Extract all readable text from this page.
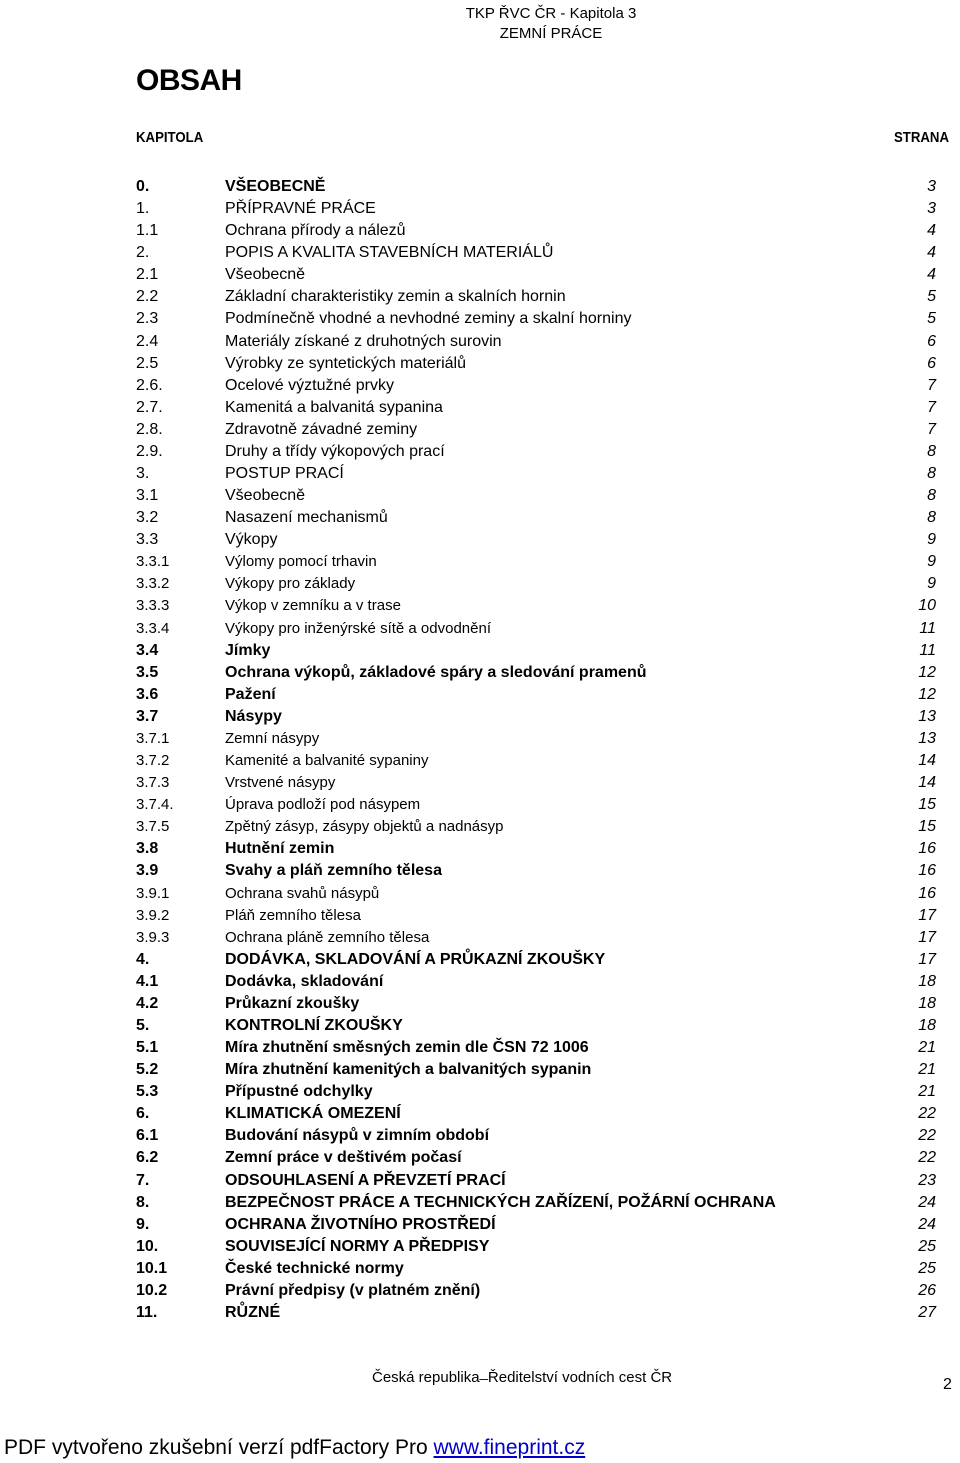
TKP ŘVC ČR - Kapitola 3
ZEMNÍ PRÁCE
OBSAH
KAPITOLA	STRANA
0.	VŠEOBECNĚ	3
1.	PŘÍPRAVNÉ PRÁCE	3
1.1	Ochrana přírody a nálezů	4
2.	POPIS A KVALITA STAVEBNÍCH MATERIÁLŮ	4
2.1	Všeobecně	4
2.2	Základní charakteristiky zemin a skalních hornin	5
2.3	Podmínečně vhodné a nevhodné zeminy a skalní horniny	5
2.4	Materiály získané z druhotných surovin	6
2.5	Výrobky ze syntetických materiálů	6
2.6.	Ocelové výztužné prvky	7
2.7.	Kamenitá a balvanitá sypanina	7
2.8.	Zdravotně závadné zeminy	7
2.9.	Druhy a třídy výkopových prací	8
3.	POSTUP PRACÍ	8
3.1	Všeobecně	8
3.2	Nasazení mechanismů	8
3.3	Výkopy	9
3.3.1	Výlomy pomocí trhavin	9
3.3.2	Výkopy pro základy	9
3.3.3	Výkop v zemníku a v trase	10
3.3.4	Výkopy pro inženýrské sítě a odvodnění	11
3.4	Jímky	11
3.5	Ochrana výkopů, základové spáry a sledování pramenů	12
3.6	Pažení	12
3.7	Násypy	13
3.7.1	Zemní násypy	13
3.7.2	Kamenité a balvanité sypaniny	14
3.7.3	Vrstvené násypy	14
3.7.4.	Úprava podloží pod násypem	15
3.7.5	Zpětný zásyp, zásypy objektů a nadnásyp	15
3.8	Hutnění zemin	16
3.9	Svahy a pláň zemního tělesa	16
3.9.1	Ochrana svahů násypů	16
3.9.2	Pláň zemního tělesa	17
3.9.3	Ochrana pláně zemního tělesa	17
4.	DODÁVKA, SKLADOVÁNÍ A PRŮKAZNÍ ZKOUŠKY	17
4.1	Dodávka, skladování	18
4.2	Průkazní zkoušky	18
5.	KONTROLNÍ ZKOUŠKY	18
5.1	Míra zhutnění směsných zemin dle ČSN 72 1006	21
5.2	Míra zhutnění kamenitých a balvanitých sypanin	21
5.3	Přípustné odchylky	21
6.	KLIMATICKÁ OMEZENÍ	22
6.1	Budování násypů v zimním období	22
6.2	Zemní práce v deštivém počasí	22
7.	ODSOUHLASENÍ A PŘEVZETÍ PRACÍ	23
8.	BEZPEČNOST PRÁCE A TECHNICKÝCH ZAŘÍZENÍ, POŽÁRNÍ OCHRANA	24
9.	OCHRANA ŽIVOTNÍHO PROSTŘEDÍ	24
10.	SOUVISEJÍCÍ NORMY A PŘEDPISY	25
10.1	České technické normy	25
10.2	Právní předpisy (v platném znění)	26
11.	RŮZNÉ	27
Česká republika ̶ Ředitelství vodních cest ČR	2
PDF vytvořeno zkušební verzí pdfFactory Pro www.fineprint.cz
